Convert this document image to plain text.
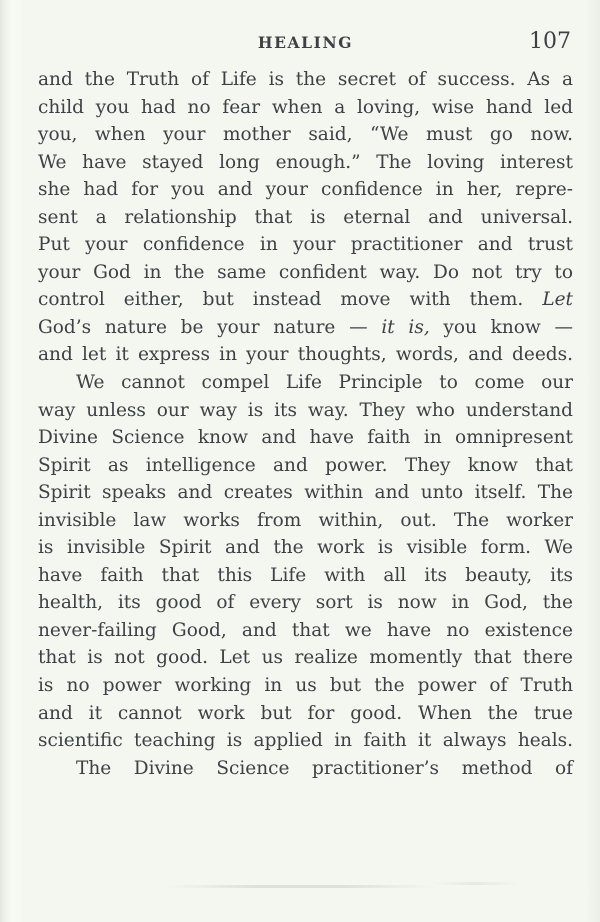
HEALING	107
and the Truth of Life is the secret of success. As a
child you had no fear when a loving, wise hand led
you, when your mother said, “We must go now.
We have stayed long enough.” The loving interest
she had for you and your confidence in her, repre-
sent a relationship that is eternal and universal.
Put your confidence in your practitioner and trust
your God in the same confident way. Do not try to
control either, but instead move with them. Let
God’s nature be your nature — it is, you know —
and let it express in your thoughts, words, and deeds.
We cannot compel Life Principle to come our
way unless our way is its way. They who understand
Divine Science know and have faith in omnipresent
Spirit as intelligence and power. They know that
Spirit speaks and creates within and unto itself. The
invisible law works from within, out. The worker
is invisible Spirit and the work is visible form. We
have faith that this Life with all its beauty, its
health, its good of every sort is now in God, the
never-failing Good, and that we have no existence
that is not good. Let us realize momently that there
is no power working in us but the power of Truth
and it cannot work but for good. When the true
scientific teaching is applied in faith it always heals.
The Divine Science practitioner’s method of
